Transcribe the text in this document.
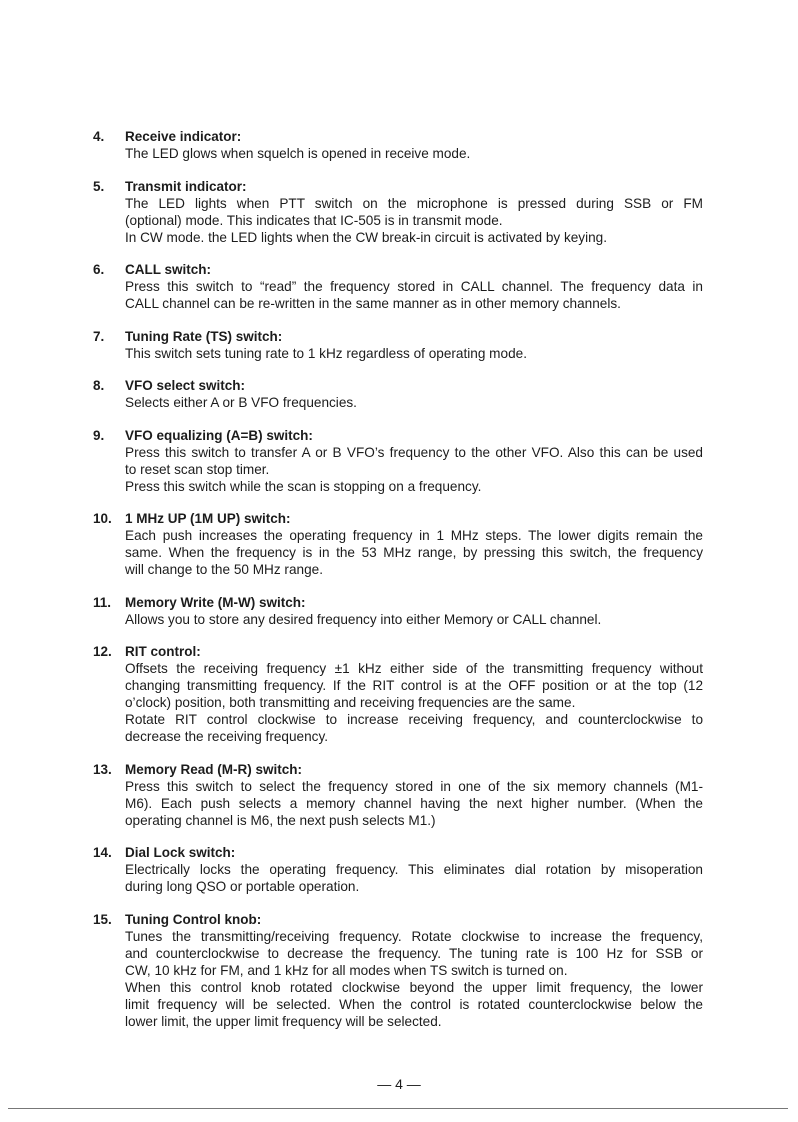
4.	Receive indicator:
The LED glows when squelch is opened in receive mode.
5.	Transmit indicator:
The LED lights when PTT switch on the microphone is pressed during SSB or FM
(optional) mode. This indicates that IC-505 is in transmit mode.
In CW mode. the LED lights when the CW break-in circuit is activated by keying.
6.	CALL switch:
Press this switch to “read” the frequency stored in CALL channel. The frequency data in
CALL channel can be re-written in the same manner as in other memory channels.
7.	Tuning Rate (TS) switch:
This switch sets tuning rate to 1 kHz regardless of operating mode.
8.	VFO select switch:
Selects either A or B VFO frequencies.
9.	VFO equalizing (A=B) switch:
Press this switch to transfer A or B VFO’s frequency to the other VFO. Also this can be used
to reset scan stop timer.
Press this switch while the scan is stopping on a frequency.
10. 1 MHz UP (1M UP) switch:
Each push increases the operating frequency in 1 MHz steps. The lower digits remain the
same. When the frequency is in the 53 MHz range, by pressing this switch, the frequency
will change to the 50 MHz range.
11.	Memory Write (M-W) switch:
Allows you to store any desired frequency into either Memory or CALL channel.
12. RIT control:
Offsets the receiving frequency ±1 kHz either side of the transmitting frequency without
changing transmitting frequency. If the RIT control is at the OFF position or at the top (12
o’clock) position, both transmitting and receiving frequencies are the same.
Rotate RIT control clockwise to increase receiving frequency, and counterclockwise to
decrease the receiving frequency.
13. Memory Read (M-R) switch:
Press this switch to select the frequency stored in one of the six memory channels (M1-
M6). Each push selects a memory channel having the next higher number. (When the
operating channel is M6, the next push selects M1.)
14. Dial Lock switch:
Electrically locks the operating frequency. This eliminates dial rotation by misoperation
during long QSO or portable operation.
15. Tuning Control knob:
Tunes the transmitting/receiving frequency. Rotate clockwise to increase the frequency,
and counterclockwise to decrease the frequency. The tuning rate is 100 Hz for SSB or
CW, 10 kHz for FM, and 1 kHz for all modes when TS switch is turned on.
When this control knob rotated clockwise beyond the upper limit frequency, the lower
limit frequency will be selected. When the control is rotated counterclockwise below the
lower limit, the upper limit frequency will be selected.
— 4 —
